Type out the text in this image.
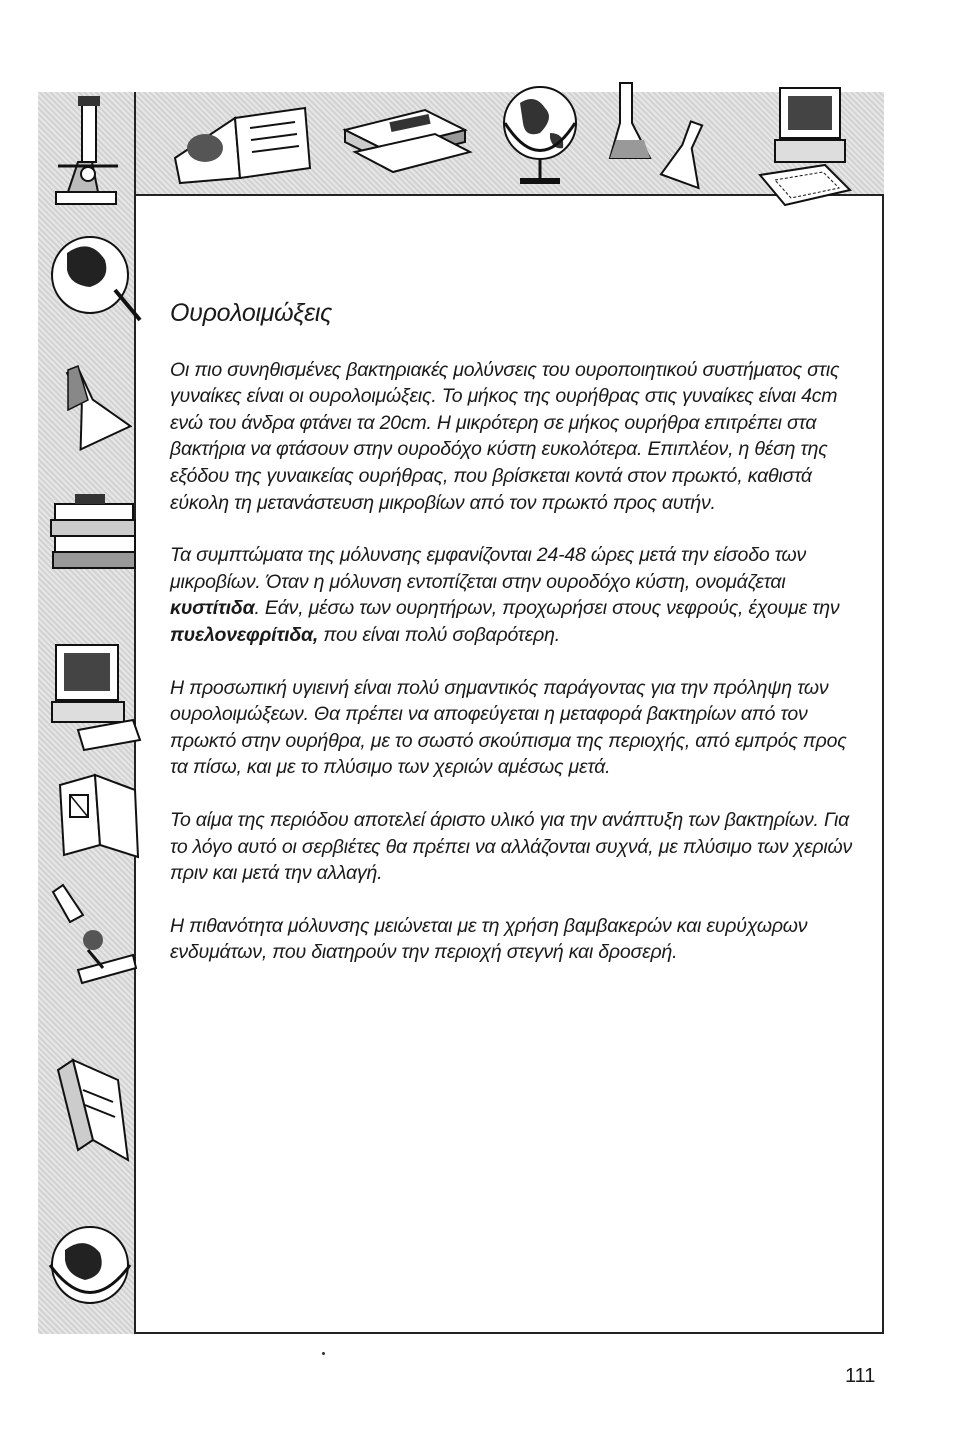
Ουρολοιμώξεις

Οι πιο συνηθισμένες βακτηριακές μολύνσεις του ουροποιητικού συστήματος στις γυναίκες είναι οι ουρολοιμώξεις. Το μήκος της ουρήθρας στις γυναίκες είναι 4cm ενώ του άνδρα φτάνει τα 20cm. Η μικρότερη σε μήκος ουρήθρα επιτρέπει στα βακτήρια να φτάσουν στην ουροδόχο κύστη ευκολότερα. Επιπλέον, η θέση της εξόδου της γυναικείας ουρήθρας, που βρίσκεται κοντά στον πρωκτό, καθιστά εύκολη τη μετανάστευση μικροβίων από τον πρωκτό προς αυτήν.

Τα συμπτώματα της μόλυνσης εμφανίζονται 24-48 ώρες μετά την είσοδο των μικροβίων. Όταν η μόλυνση εντοπίζεται στην ουροδόχο κύστη, ονομάζεται κυστίτιδα. Εάν, μέσω των ουρητήρων, προχωρήσει στους νεφρούς, έχουμε την πυελονεφρίτιδα, που είναι πολύ σοβαρότερη.

Η προσωπική υγιεινή είναι πολύ σημαντικός παράγοντας για την πρόληψη των ουρολοιμώξεων. Θα πρέπει να αποφεύγεται η μεταφορά βακτηρίων από τον πρωκτό στην ουρήθρα, με το σωστό σκούπισμα της περιοχής, από εμπρός προς τα πίσω, και με το πλύσιμο των χεριών αμέσως μετά.

Το αίμα της περιόδου αποτελεί άριστο υλικό για την ανάπτυξη των βακτηρίων. Για το λόγο αυτό οι σερβιέτες θα πρέπει να αλλάζονται συχνά, με πλύσιμο των χεριών πριν και μετά την αλλαγή.

Η πιθανότητα μόλυνσης μειώνεται με τη χρήση βαμβακερών και ευρύχωρων ενδυμάτων, που διατηρούν την περιοχή στεγνή και δροσερή.

111
